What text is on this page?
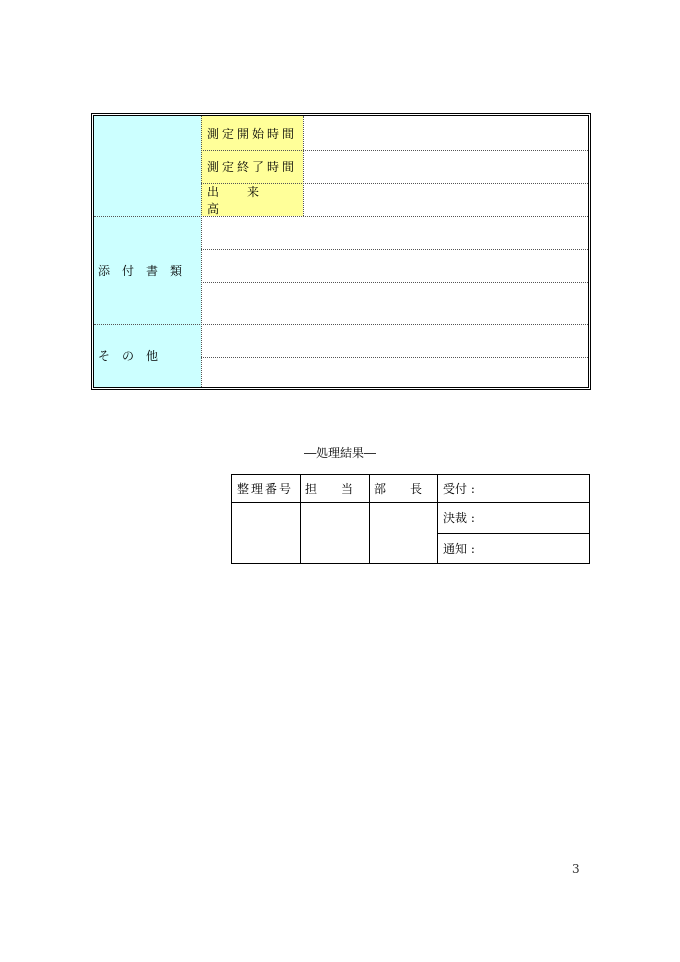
測定開始時間
測定終了時間
出　来　高
添　付　書　類
そ　の　他
―処理結果―
整理番号 担　　当	部　　長	受付 :
決裁 :
通知 :
3
